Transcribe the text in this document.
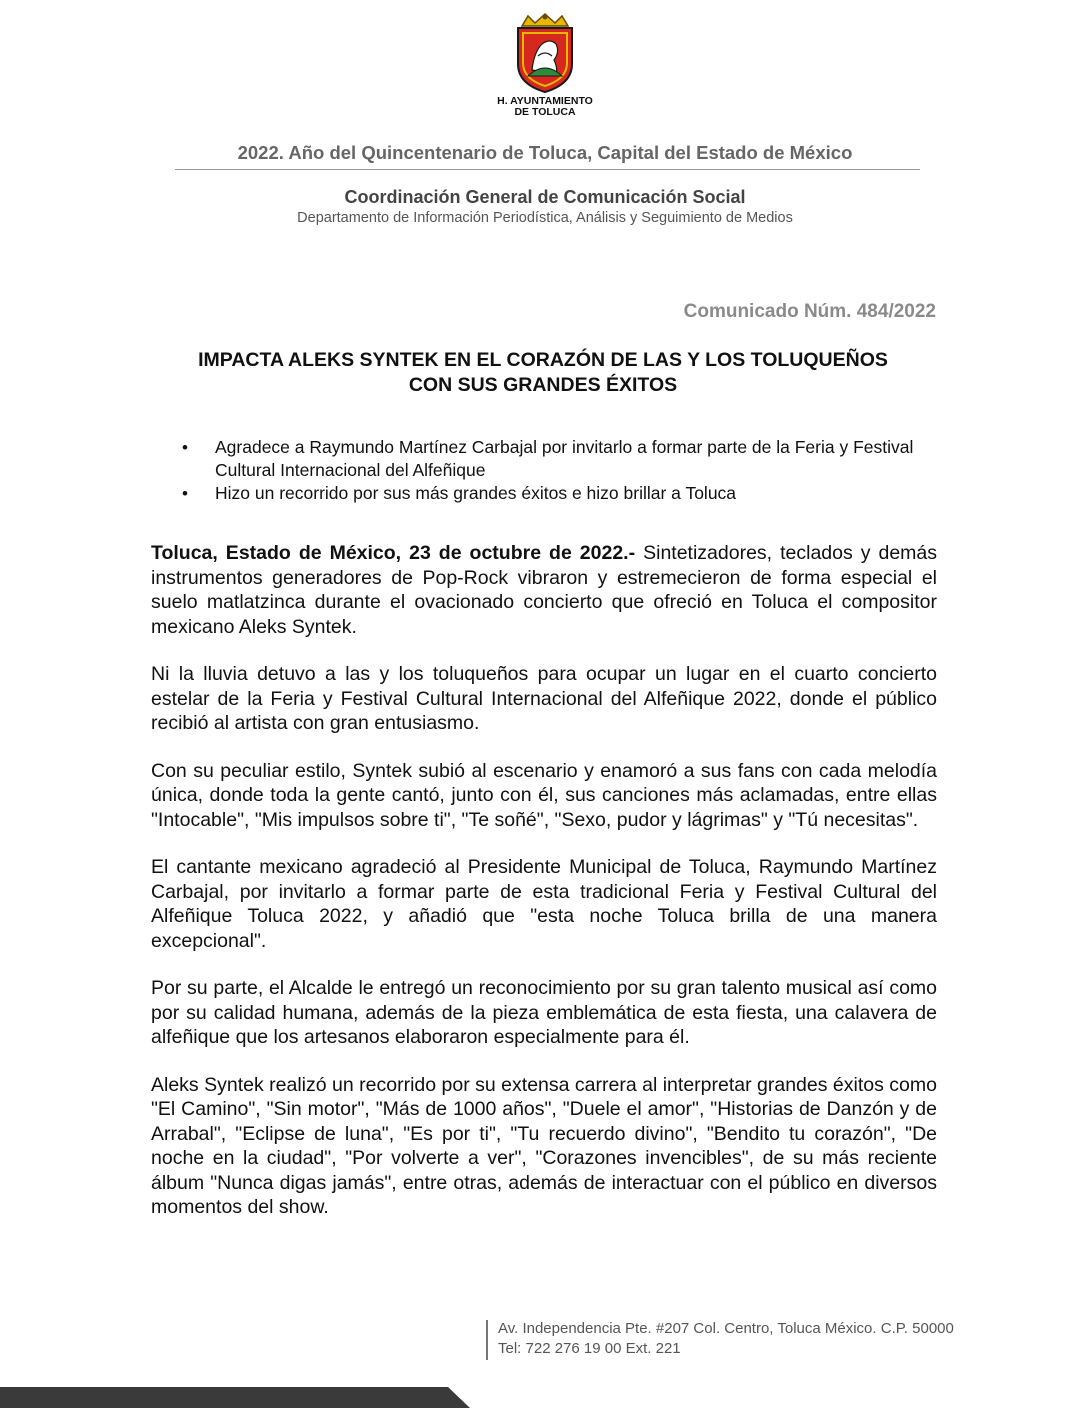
H. AYUNTAMIENTO
DE TOLUCA
2022. Año del Quincentenario de Toluca, Capital del Estado de México
Coordinación General de Comunicación Social
Departamento de Información Periodística, Análisis y Seguimiento de Medios
Comunicado Núm. 484/2022
IMPACTA ALEKS SYNTEK EN EL CORAZÓN DE LAS Y LOS TOLUQUEÑOS
CON SUS GRANDES ÉXITOS
• Agradece a Raymundo Martínez Carbajal por invitarlo a formar parte de la Feria y Festival Cultural Internacional del Alfeñique
• Hizo un recorrido por sus más grandes éxitos e hizo brillar a Toluca

Toluca, Estado de México, 23 de octubre de 2022.- Sintetizadores, teclados y demás instrumentos generadores de Pop-Rock vibraron y estremecieron de forma especial el suelo matlatzinca durante el ovacionado concierto que ofreció en Toluca el compositor mexicano Aleks Syntek.

Ni la lluvia detuvo a las y los toluqueños para ocupar un lugar en el cuarto concierto estelar de la Feria y Festival Cultural Internacional del Alfeñique 2022, donde el público recibió al artista con gran entusiasmo.

Con su peculiar estilo, Syntek subió al escenario y enamoró a sus fans con cada melodía única, donde toda la gente cantó, junto con él, sus canciones más aclamadas, entre ellas "Intocable", "Mis impulsos sobre ti", "Te soñé", "Sexo, pudor y lágrimas" y "Tú necesitas".

El cantante mexicano agradeció al Presidente Municipal de Toluca, Raymundo Martínez Carbajal, por invitarlo a formar parte de esta tradicional Feria y Festival Cultural del Alfeñique Toluca 2022, y añadió que "esta noche Toluca brilla de una manera excepcional".

Por su parte, el Alcalde le entregó un reconocimiento por su gran talento musical así como por su calidad humana, además de la pieza emblemática de esta fiesta, una calavera de alfeñique que los artesanos elaboraron especialmente para él.

Aleks Syntek realizó un recorrido por su extensa carrera al interpretar grandes éxitos como "El Camino", "Sin motor", "Más de 1000 años", "Duele el amor", "Historias de Danzón y de Arrabal", "Eclipse de luna", "Es por ti", "Tu recuerdo divino", "Bendito tu corazón", "De noche en la ciudad", "Por volverte a ver", "Corazones invencibles", de su más reciente álbum "Nunca digas jamás", entre otras, además de interactuar con el público en diversos momentos del show.

Av. Independencia Pte. #207 Col. Centro, Toluca México. C.P. 50000
Tel: 722 276 19 00 Ext. 221
